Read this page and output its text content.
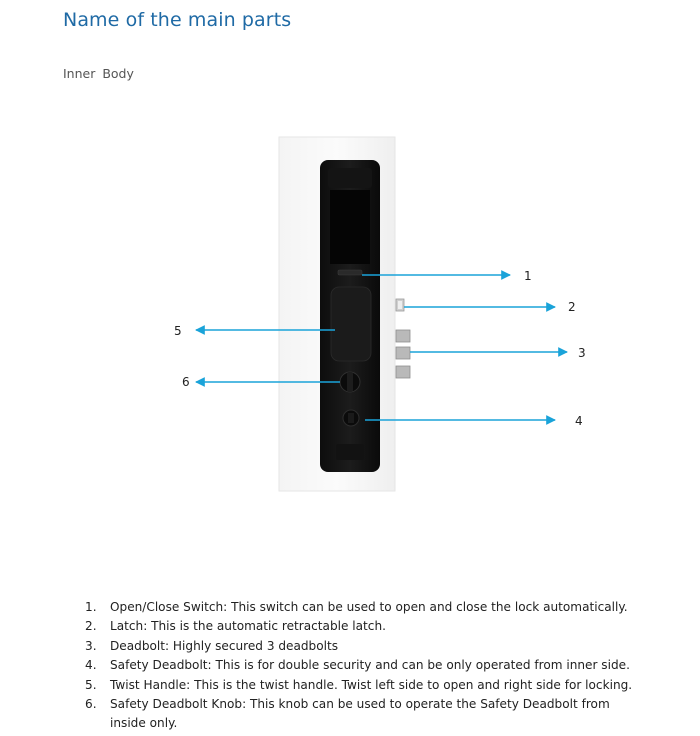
Name of the main parts
Inner Body
1
2
3
4
5
6
1. Open/Close Switch: This switch can be used to open and close the lock automatically.
2. Latch: This is the automatic retractable latch.
3. Deadbolt: Highly secured 3 deadbolts
4. Safety Deadbolt: This is for double security and can be only operated from inner side.
5. Twist Handle: This is the twist handle. Twist left side to open and right side for locking.
6. Safety Deadbolt Knob: This knob can be used to operate the Safety Deadbolt from inside only.
